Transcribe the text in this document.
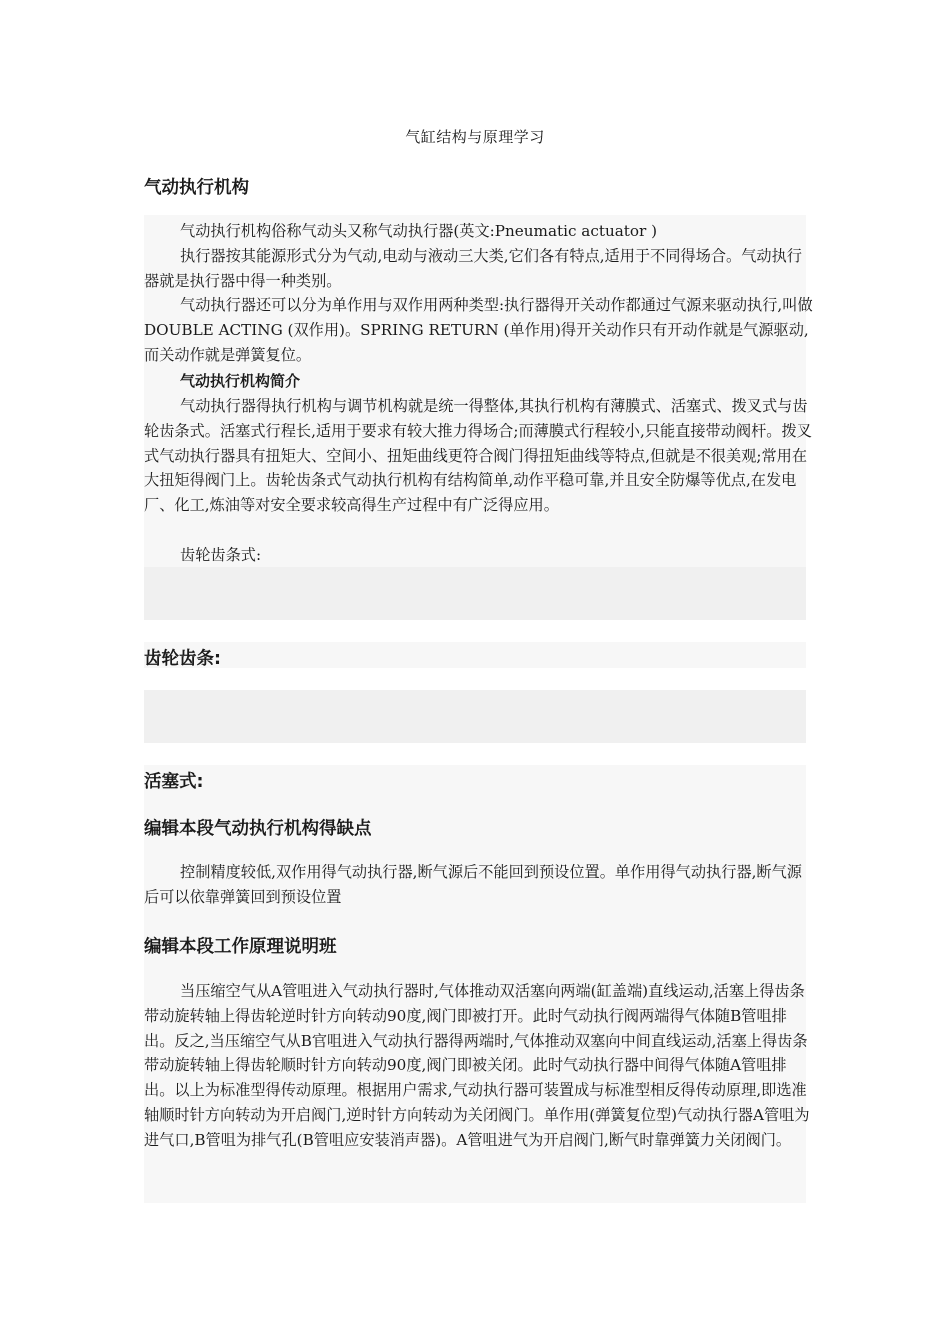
气缸结构与原理学习
气动执行机构

气动执行机构俗称气动头又称气动执行器(英文:Pneumatic actuator )

执行器按其能源形式分为气动,电动与液动三大类,它们各有特点,适用于不同得场合。气动执行器就是执行器中得一种类别。

气动执行器还可以分为单作用与双作用两种类型:执行器得开关动作都通过气源来驱动执行,叫做DOUBLE ACTING (双作用)。SPRING RETURN (单作用)得开关动作只有开动作就是气源驱动,而关动作就是弹簧复位。

气动执行机构简介

气动执行器得执行机构与调节机构就是统一得整体,其执行机构有薄膜式、活塞式、拨叉式与齿轮齿条式。活塞式行程长,适用于要求有较大推力得场合;而薄膜式行程较小,只能直接带动阀杆。拨叉式气动执行器具有扭矩大、空间小、扭矩曲线更符合阀门得扭矩曲线等特点,但就是不很美观;常用在大扭矩得阀门上。齿轮齿条式气动执行机构有结构简单,动作平稳可靠,并且安全防爆等优点,在发电厂、化工,炼油等对安全要求较高得生产过程中有广泛得应用。

齿轮齿条式:
齿轮齿条:
活塞式:
编辑本段气动执行机构得缺点

控制精度较低,双作用得气动执行器,断气源后不能回到预设位置。单作用得气动执行器,断气源后可以依靠弹簧回到预设位置

编辑本段工作原理说明班

当压缩空气从A管咀进入气动执行器时,气体推动双活塞向两端(缸盖端)直线运动,活塞上得齿条带动旋转轴上得齿轮逆时针方向转动90度,阀门即被打开。此时气动执行阀两端得气体随B管咀排出。反之,当压缩空气从B官咀进入气动执行器得两端时,气体推动双塞向中间直线运动,活塞上得齿条带动旋转轴上得齿轮顺时针方向转动90度,阀门即被关闭。此时气动执行器中间得气体随A管咀排出。以上为标准型得传动原理。根据用户需求,气动执行器可装置成与标准型相反得传动原理,即选准轴顺时针方向转动为开启阀门,逆时针方向转动为关闭阀门。单作用(弹簧复位型)气动执行器A管咀为进气口,B管咀为排气孔(B管咀应安装消声器)。A管咀进气为开启阀门,断气时靠弹簧力关闭阀门。
